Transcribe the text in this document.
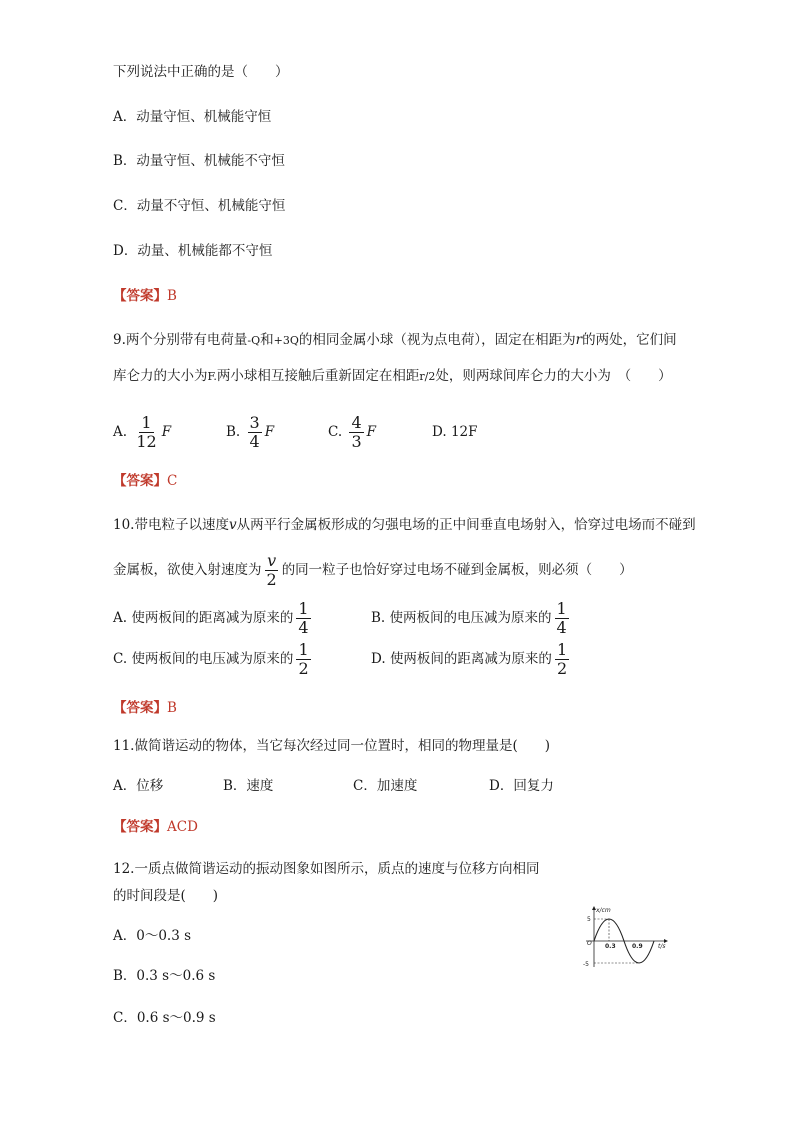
下列说法中正确的是（　　）
A．动量守恒、机械能守恒
B．动量守恒、机械能不守恒
C．动量不守恒、机械能守恒
D．动量、机械能都不守恒
【答案】B
9.两个分别带有电荷量-Q和+3Q的相同金属小球（视为点电荷），固定在相距为r的两处，它们间
库仑力的大小为F.两小球相互接触后重新固定在相距r/2处，则两球间库仑力的大小为　（　　）
A. $\frac{1}{12}$ F	B. $\frac{3}{4}$ F	C. $\frac{4}{3}$ F	D. 12F
【答案】C
10.带电粒子以速度v从两平行金属板形成的匀强电场的正中间垂直电场射入，恰穿过电场而不碰到
金属板，欲使入射速度为 $\frac{v}{2}$ 的同一粒子也恰好穿过电场不碰到金属板，则必须（　　）
A. 使两板间的距离减为原来的 $\frac{1}{4}$	B. 使两板间的电压减为原来的 $\frac{1}{4}$
C. 使两板间的电压减为原来的 $\frac{1}{2}$	D. 使两板间的距离减为原来的 $\frac{1}{2}$
【答案】B
11.做简谐运动的物体，当它每次经过同一位置时，相同的物理量是(　　)
A．位移	B．速度	C．加速度	D．回复力
【答案】ACD
12.一质点做简谐运动的振动图象如图所示，质点的速度与位移方向相同
的时间段是(　　)
A．0～0.3 s
B．0.3 s～0.6 s
C．0.6 s～0.9 s
x/cm
t/s
5
-5
O 0.3	0.9
